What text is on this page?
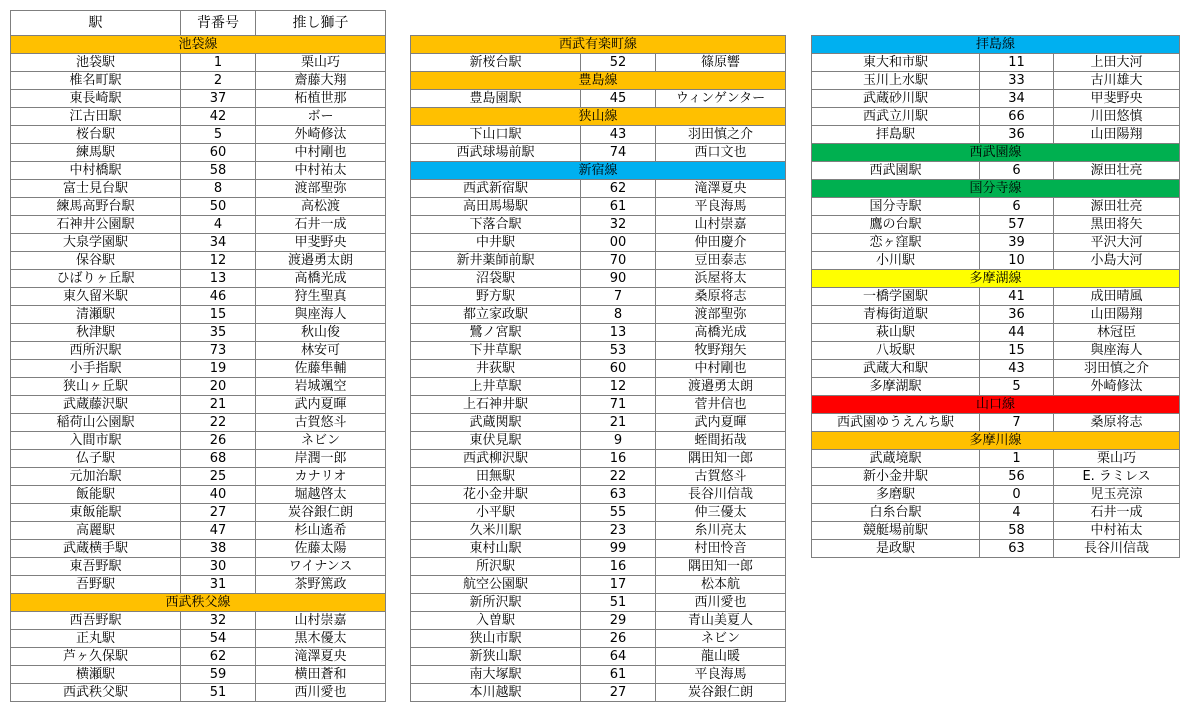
駅	背番号	推し獅子
池袋線		
池袋駅	1	栗山巧
椎名町駅	2	齋藤大翔
東長崎駅	37	柘植世那
江古田駅	42	ボー
桜台駅	5	外崎修汰
練馬駅	60	中村剛也
中村橋駅	58	中村祐太
富士見台駅	8	渡部聖弥
練馬高野台駅	50	高松渡
石神井公園駅	4	石井一成
大泉学園駅	34	甲斐野央
保谷駅	12	渡邉勇太朗
ひばりヶ丘駅	13	高橋光成
東久留米駅	46	狩生聖真
清瀬駅	15	與座海人
秋津駅	35	秋山俊
西所沢駅	73	林安可
小手指駅	19	佐藤隼輔
狭山ヶ丘駅	20	岩城颯空
武蔵藤沢駅	21	武内夏暉
稲荷山公園駅	22	古賀悠斗
入間市駅	26	ネビン
仏子駅	68	岸潤一郎
元加治駅	25	カナリオ
飯能駅	40	堀越啓太
東飯能駅	27	炭谷銀仁朗
高麗駅	47	杉山遙希
武蔵横手駅	38	佐藤太陽
東吾野駅	30	ワイナンス
吾野駅	31	茶野篤政
西武秩父線		
西吾野駅	32	山村崇嘉
正丸駅	54	黒木優太
芦ヶ久保駅	62	滝澤夏央
横瀬駅	59	横田蒼和
西武秩父駅	51	西川愛也
西武有楽町線		
新桜台駅	52	篠原響
豊島線		
豊島園駅	45	ウィンゲンター
狭山線		
下山口駅	43	羽田慎之介
西武球場前駅	74	西口文也
新宿線		
西武新宿駅	62	滝澤夏央
高田馬場駅	61	平良海馬
下落合駅	32	山村崇嘉
中井駅	00	仲田慶介
新井薬師前駅	70	豆田泰志
沼袋駅	90	浜屋将太
野方駅	7	桑原将志
都立家政駅	8	渡部聖弥
鷺ノ宮駅	13	高橋光成
下井草駅	53	牧野翔矢
井荻駅	60	中村剛也
上井草駅	12	渡邉勇太朗
上石神井駅	71	菅井信也
武蔵関駅	21	武内夏暉
東伏見駅	9	蛭間拓哉
西武柳沢駅	16	隅田知一郎
田無駅	22	古賀悠斗
花小金井駅	63	長谷川信哉
小平駅	55	仲三優太
久米川駅	23	糸川亮太
東村山駅	99	村田怜音
所沢駅	16	隅田知一郎
航空公園駅	17	松本航
新所沢駅	51	西川愛也
入曽駅	29	青山美夏人
狭山市駅	26	ネビン
新狭山駅	64	龍山暖
南大塚駅	61	平良海馬
本川越駅	27	炭谷銀仁朗
拝島線		
東大和市駅	11	上田大河
玉川上水駅	33	古川雄大
武蔵砂川駅	34	甲斐野央
西武立川駅	66	川田悠慎
拝島駅	36	山田陽翔
西武園線		
西武園駅	6	源田壮亮
国分寺線		
国分寺駅	6	源田壮亮
鷹の台駅	57	黒田将矢
恋ヶ窪駅	39	平沢大河
小川駅	10	小島大河
多摩湖線		
一橋学園駅	41	成田晴風
青梅街道駅	36	山田陽翔
萩山駅	44	林冠臣
八坂駅	15	與座海人
武蔵大和駅	43	羽田慎之介
多摩湖駅	5	外崎修汰
山口線		
西武園ゆうえんち駅	7	桑原将志
多摩川線		
武蔵境駅	1	栗山巧
新小金井駅	56	E. ラミレス
多磨駅	0	児玉亮涼
白糸台駅	4	石井一成
競艇場前駅	58	中村祐太
是政駅	63	長谷川信哉
